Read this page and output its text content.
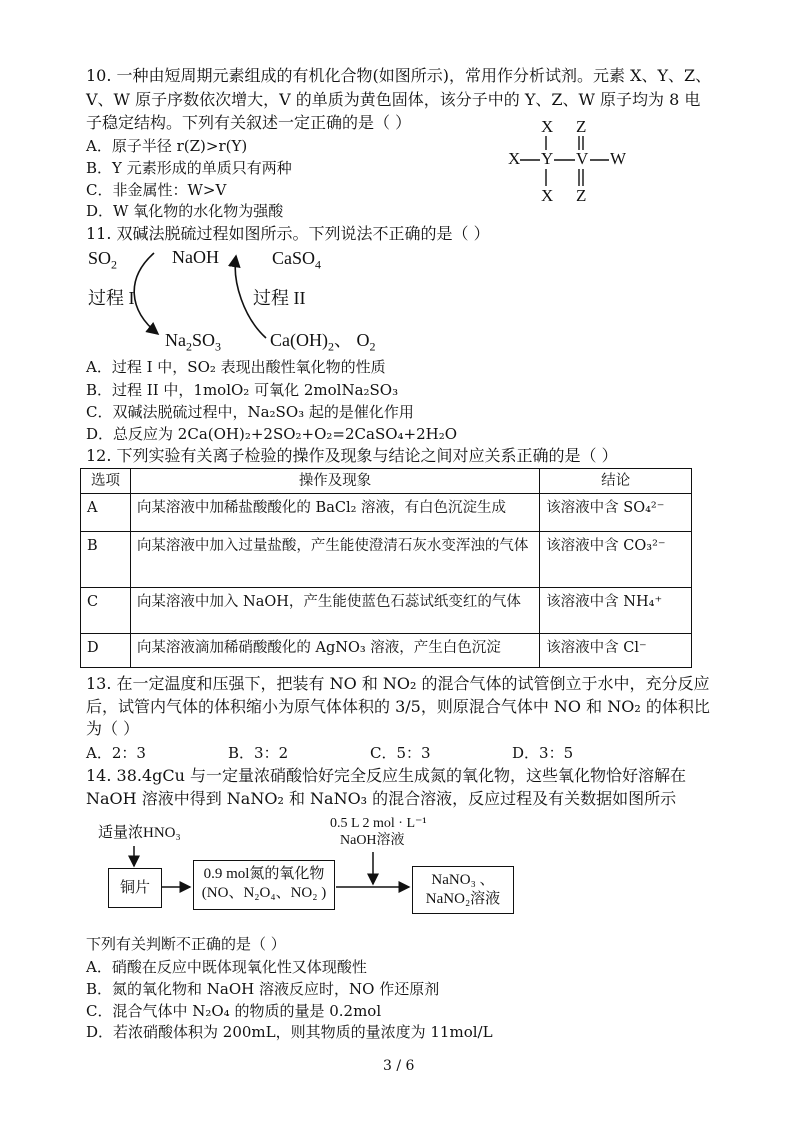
10. 一种由短周期元素组成的有机化合物(如图所示)，常用作分析试剂。元素 X、Y、Z、
V、W 原子序数依次增大，V 的单质为黄色固体，该分子中的 Y、Z、W 原子均为 8 电
子稳定结构。下列有关叙述一定正确的是（ ）
A．原子半径 r(Z)>r(Y)
B．Y 元素形成的单质只有两种
C．非金属性：W>V
D．W 氧化物的水化物为强酸
X Z
X Y V W
X Z
11. 双碱法脱硫过程如图所示。下列说法不正确的是（ ）
$SO_2$	NaOH	CaSO$_4$
过程 I	过程 II
$Na_2SO_3$	$Ca(OH)_2$、 $O_2$
A．过程 I 中，SO₂ 表现出酸性氧化物的性质
B．过程 II 中，1molO₂ 可氧化 2molNa₂SO₃
C．双碱法脱硫过程中，Na₂SO₃ 起的是催化作用
D．总反应为 2Ca(OH)₂+2SO₂+O₂=2CaSO₄+2H₂O
12. 下列实验有关离子检验的操作及现象与结论之间对应关系正确的是（ ）
选项	操作及现象	结论
A	向某溶液中加稀盐酸酸化的 BaCl₂ 溶液，有白色沉淀生成	该溶液中含 SO₄²⁻
B	向某溶液中加入过量盐酸，产生能使澄清石灰水变浑浊的气体	该溶液中含 CO₃²⁻
C	向某溶液中加入 NaOH，产生能使蓝色石蕊试纸变红的气体	该溶液中含 NH₄⁺
D	向某溶液滴加稀硝酸酸化的 AgNO₃ 溶液，产生白色沉淀	该溶液中含 Cl⁻
13. 在一定温度和压强下，把装有 NO 和 NO₂ 的混合气体的试管倒立于水中，充分反应
后，试管内气体的体积缩小为原气体体积的 3/5，则原混合气体中 NO 和 NO₂ 的体积比
为（ ）
A．2：3	B．3：2	C．5：3	D．3：5
14. 38.4gCu 与一定量浓硝酸恰好完全反应生成氮的氧化物，这些氧化物恰好溶解在
NaOH 溶液中得到 NaNO₂ 和 NaNO₃ 的混合溶液，反应过程及有关数据如图所示
适量浓HNO₃
0.5 L 2 mol · L⁻¹
NaOH溶液
铜片
0.9 mol氮的氧化物
(NO、N₂O₄、NO₂ )
NaNO₃ 、
NaNO₂溶液
下列有关判断不正确的是（ ）
A．硝酸在反应中既体现氧化性又体现酸性
B．氮的氧化物和 NaOH 溶液反应时，NO 作还原剂
C．混合气体中 N₂O₄ 的物质的量是 0.2mol
D．若浓硝酸体积为 200mL，则其物质的量浓度为 11mol/L
3 / 6
